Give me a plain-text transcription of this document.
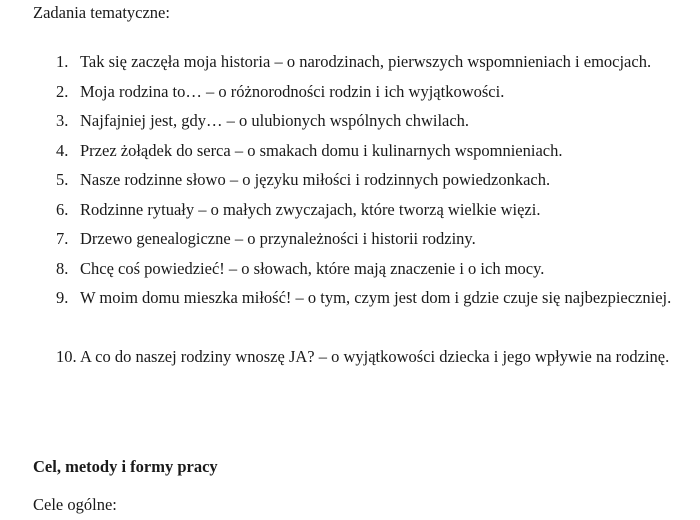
Zadania tematyczne:
1. Tak się zaczęła moja historia – o narodzinach, pierwszych wspomnieniach i emocjach.
2. Moja rodzina to… – o różnorodności rodzin i ich wyjątkowości.
3. Najfajniej jest, gdy… – o ulubionych wspólnych chwilach.
4. Przez żołądek do serca – o smakach domu i kulinarnych wspomnieniach.
5. Nasze rodzinne słowo – o języku miłości i rodzinnych powiedzonkach.
6. Rodzinne rytuały – o małych zwyczajach, które tworzą wielkie więzi.
7. Drzewo genealogiczne – o przynależności i historii rodziny.
8. Chcę coś powiedzieć! – o słowach, które mają znaczenie i o ich mocy.
9. W moim domu mieszka miłość! – o tym, czym jest dom i gdzie czuje się najbezpieczniej.
10. A co do naszej rodziny wnoszę JA? – o wyjątkowości dziecka i jego wpływie na rodzinę.
Cel, metody i formy pracy
Cele ogólne:
